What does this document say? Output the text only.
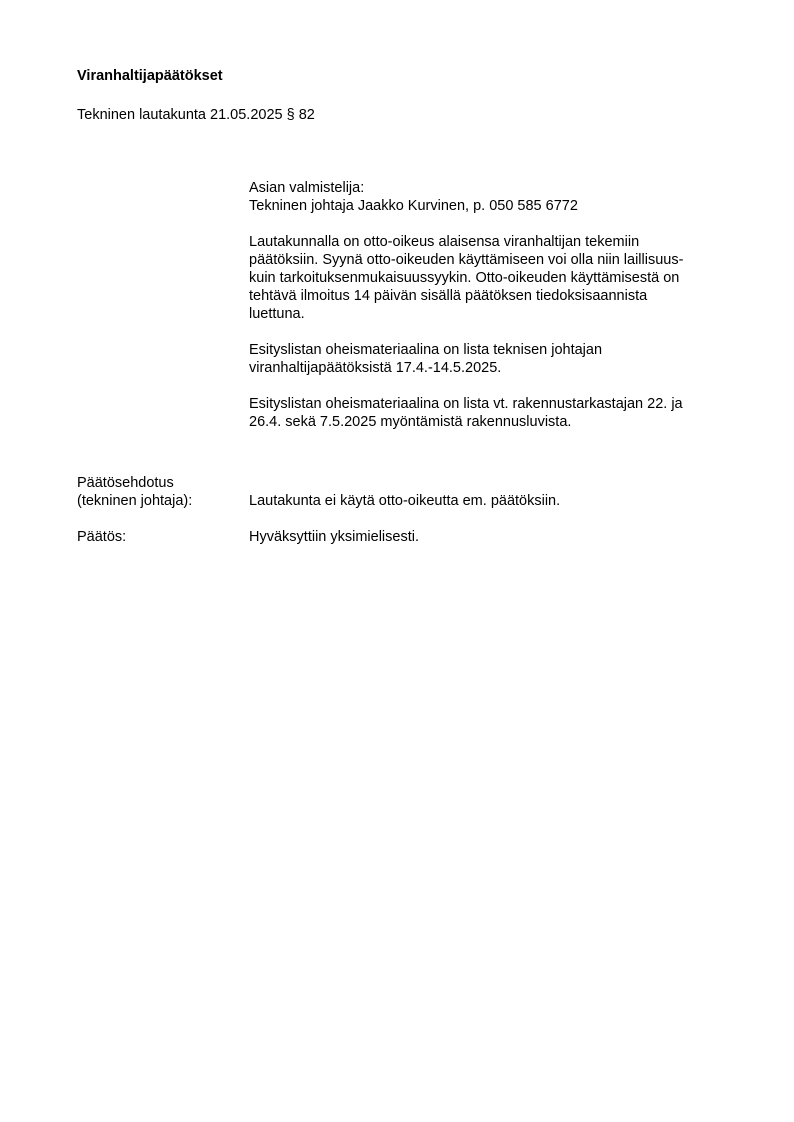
Viranhaltijapäätökset

Tekninen lautakunta 21.05.2025 § 82

Asian valmistelija:
Tekninen johtaja Jaakko Kurvinen, p. 050 585 6772
Lautakunnalla on otto-oikeus alaisensa viranhaltijan tekemiin
päätöksiin. Syynä otto-oikeuden käyttämiseen voi olla niin laillisuus-
kuin tarkoituksenmukaisuussyykin. Otto-oikeuden käyttämisestä on
tehtävä ilmoitus 14 päivän sisällä päätöksen tiedoksisaannista
luettuna.
Esityslistan oheismateriaalina on lista teknisen johtajan
viranhaltijapäätöksistä 17.4.-14.5.2025.
Esityslistan oheismateriaalina on lista vt. rakennustarkastajan 22. ja
26.4. sekä 7.5.2025 myöntämistä rakennusluvista.
Päätösehdotus
(tekninen johtaja):	Lautakunta ei käytä otto-oikeutta em. päätöksiin.
Päätös:	Hyväksyttiin yksimielisesti.
